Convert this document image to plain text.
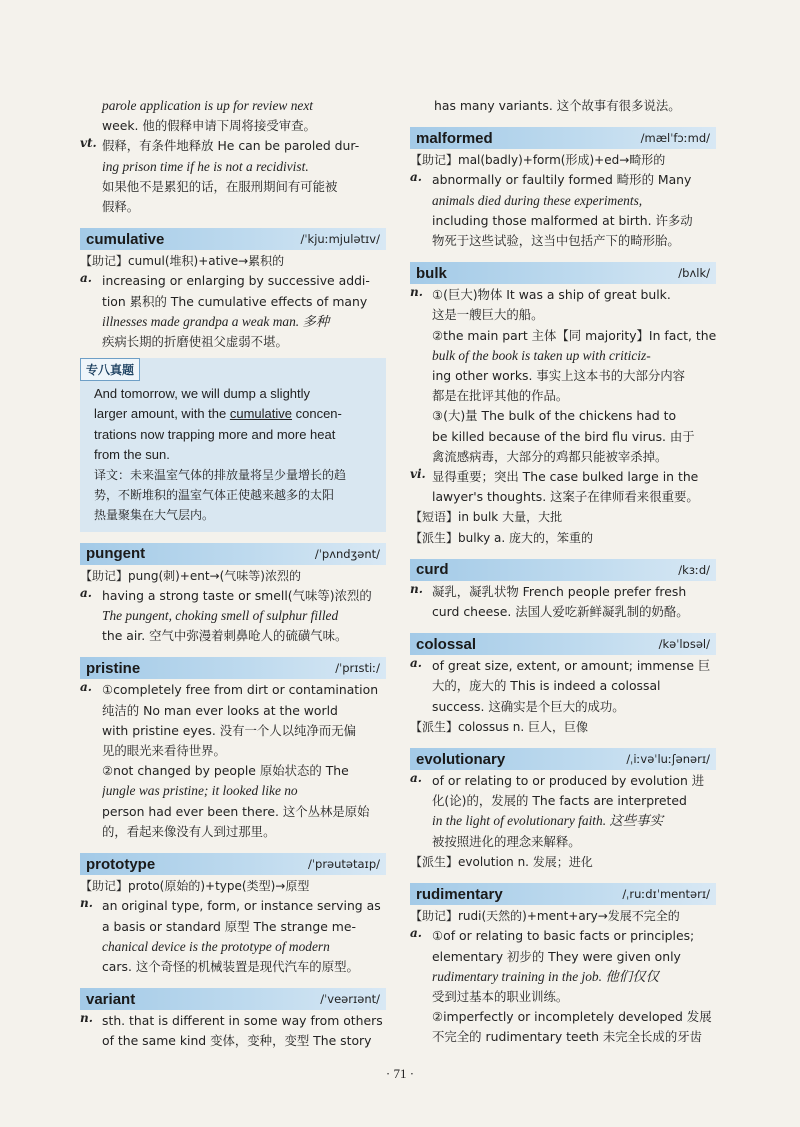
parole application is up for review next
week. 他的假释申请下周将接受审查。
vt. 假释，有条件地释放 He can be paroled dur-
ing prison time if he is not a recidivist.
如果他不是累犯的话，在服刑期间有可能被
假释。
cumulative	/ˈkjuːmjulətɪv/
【助记】cumul(堆积)+ative→累积的
a. increasing or enlarging by successive addi-
tion 累积的 The cumulative effects of many
illnesses made grandpa a weak man. 多种
疾病长期的折磨使祖父虚弱不堪。
专八真题
And tomorrow, we will dump a slightly
larger amount, with the cumulative concen-
trations now trapping more and more heat
from the sun.
译文：未来温室气体的排放量将呈少量增长的趋
势，不断堆积的温室气体正使越来越多的太阳
热量聚集在大气层内。
pungent	/ˈpʌndʒənt/
【助记】pung(刺)+ent→(气味等)浓烈的
a. having a strong taste or smell(气味等)浓烈的
The pungent, choking smell of sulphur filled
the air. 空气中弥漫着刺鼻呛人的硫磺气味。
pristine	/ˈprɪstiː/
a. ①completely free from dirt or contamination
纯洁的 No man ever looks at the world
with pristine eyes. 没有一个人以纯净而无偏
见的眼光来看待世界。
②not changed by people 原始状态的 The
jungle was pristine; it looked like no
person had ever been there. 这个丛林是原始
的，看起来像没有人到过那里。
prototype	/ˈprəutətaɪp/
【助记】proto(原始的)+type(类型)→原型
n. an original type, form, or instance serving as
a basis or standard 原型 The strange me-
chanical device is the prototype of modern
cars. 这个奇怪的机械装置是现代汽车的原型。
variant	/ˈveərɪənt/
n. sth. that is different in some way from others
of the same kind 变体，变种，变型 The story
has many variants. 这个故事有很多说法。
malformed	/mælˈfɔːmd/
【助记】mal(badly)+form(形成)+ed→畸形的
a. abnormally or faultily formed 畸形的 Many
animals died during these experiments,
including those malformed at birth. 许多动
物死于这些试验，这当中包括产下的畸形胎。
bulk	/bʌlk/
n. ①(巨大)物体 It was a ship of great bulk.
这是一艘巨大的船。
②the main part 主体【同 majority】In fact, the
bulk of the book is taken up with criticiz-
ing other works. 事实上这本书的大部分内容
都是在批评其他的作品。
③(大)量 The bulk of the chickens had to
be killed because of the bird flu virus. 由于
禽流感病毒，大部分的鸡都只能被宰杀掉。
vi. 显得重要；突出 The case bulked large in the
lawyer's thoughts. 这案子在律师看来很重要。
【短语】in bulk 大量，大批
【派生】bulky a. 庞大的，笨重的
curd	/kɜːd/
n. 凝乳，凝乳状物 French people prefer fresh
curd cheese. 法国人爱吃新鲜凝乳制的奶酪。
colossal	/kəˈlɒsəl/
a. of great size, extent, or amount; immense 巨
大的，庞大的 This is indeed a colossal
success. 这确实是个巨大的成功。
【派生】colossus n. 巨人，巨像
evolutionary	/ˌiːvəˈluːʃənərɪ/
a. of or relating to or produced by evolution 进
化(论)的，发展的 The facts are interpreted
in the light of evolutionary faith. 这些事实
被按照进化的理念来解释。
【派生】evolution n. 发展；进化
rudimentary	/ˌruːdɪˈmentərɪ/
【助记】rudi(天然的)+ment+ary→发展不完全的
a. ①of or relating to basic facts or principles;
elementary 初步的 They were given only
rudimentary training in the job. 他们仅仅
受到过基本的职业训练。
②imperfectly or incompletely developed 发展
不完全的 rudimentary teeth 未完全长成的牙齿
· 71 ·
